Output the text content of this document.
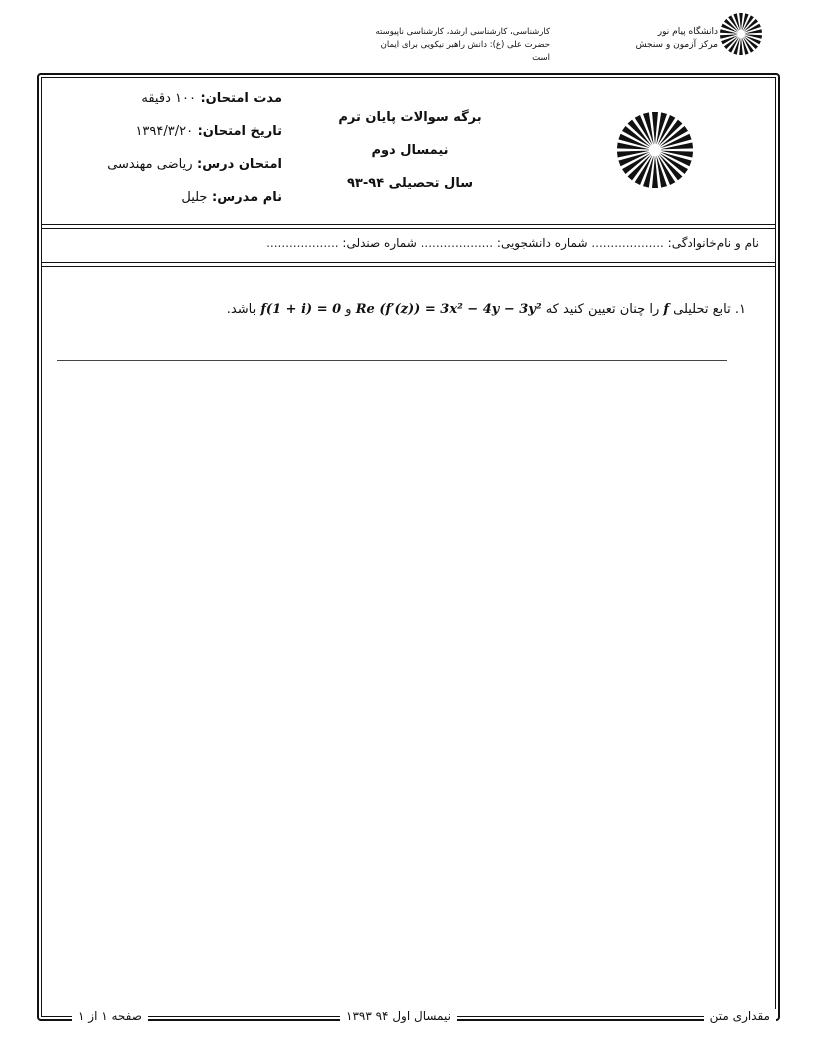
دانشگاه پیام نور
مرکز آزمون و سنجش
کارشناسی، کارشناسی ارشد، کارشناسی ناپیوسته
حضرت علی (ع): دانش راهبر نیکویی برای ایمان است
مدت امتحان: ۱۰۰ دقیقه
تاریخ امتحان: ۱۳۹۴/۳/۲۰
امتحان درس: ریاضی مهندسی
نام مدرس: جلیل
برگه سوالات پایان ترم
نیمسال دوم
سال تحصیلی ۹۴-۹۳
نام و نام‌خانوادگی: ................... شماره دانشجویی: ................... شماره صندلی: ...................
۱. تابع تحلیلی f را چنان تعیین کنید که Re (f′(z)) = 3x² − 4y − 3y² و f(1 + i) = 0 باشد.
مقداری متن
نیمسال اول ۹۴ ۱۳۹۳
صفحه ۱ از ۱
